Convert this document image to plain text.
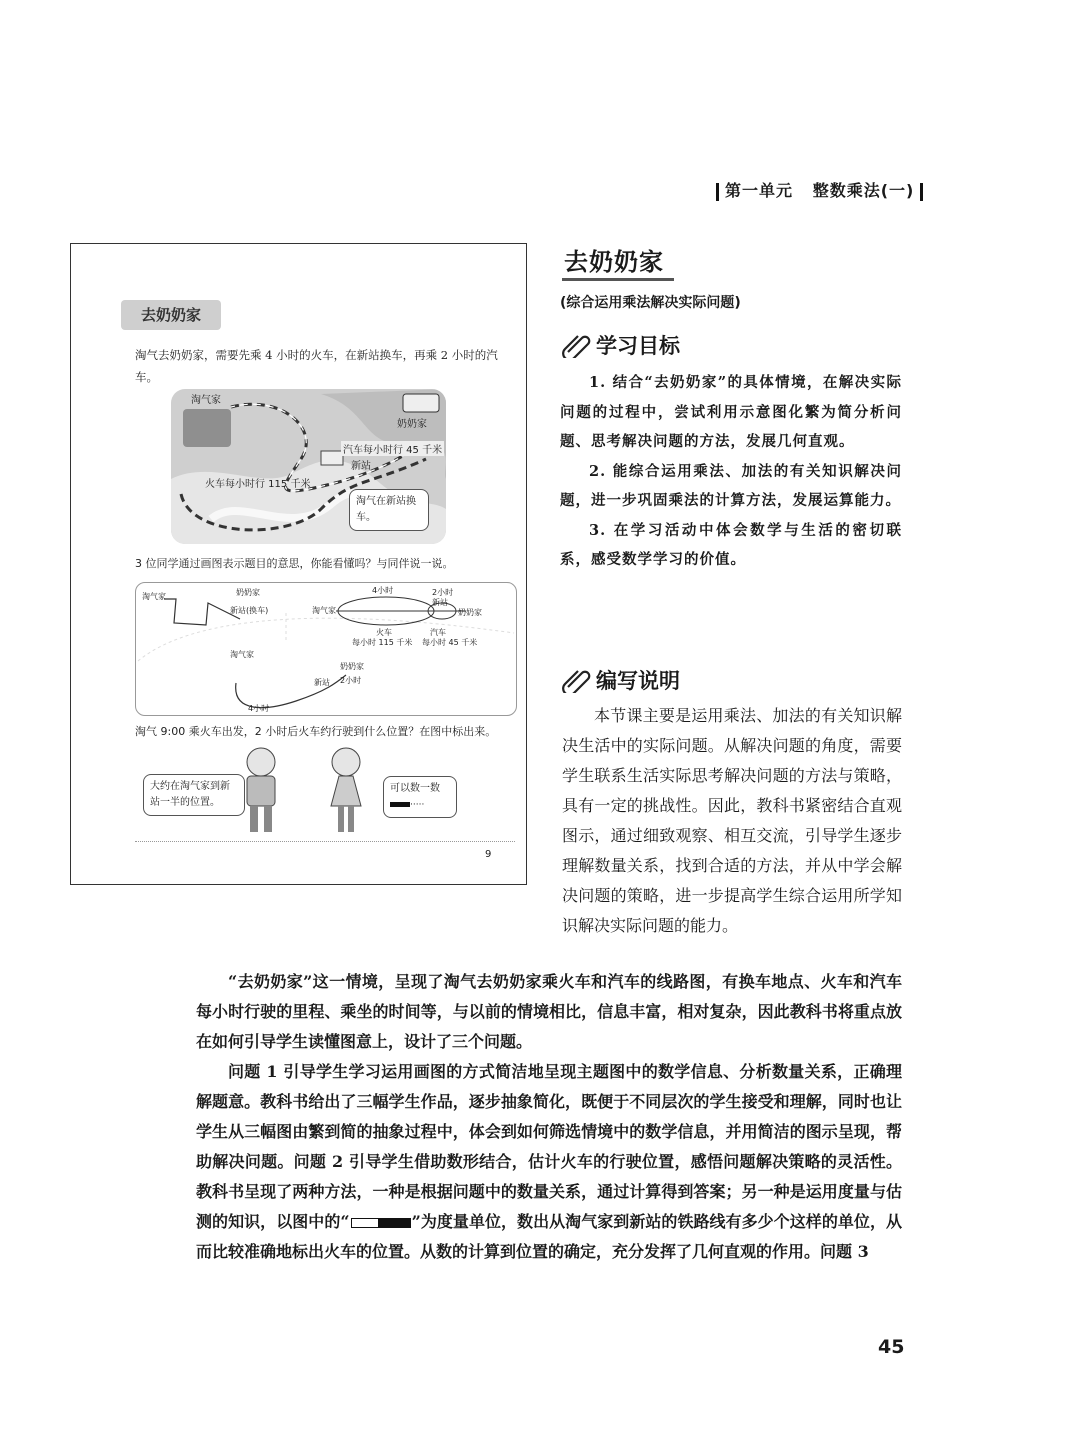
第一单元 整数乘法(一)
去奶奶家
淘气去奶奶家，需要先乘 4 小时的火车，在新站换车，再乘 2 小时的汽车。
淘气家
奶奶家
汽车每小时行 45 千米
新站
火车每小时行 115 千米
淘气在新站换车。
3 位同学通过画图表示题目的意思，你能看懂吗？与同伴说一说。
淘气家	奶奶家
新站(换车)
4小时	2小时
淘气家
新站
奶奶家
火车
每小时 115 千米
汽车
每小时 45 千米
淘气家
奶奶家
新站 2小时
4小时
淘气 9:00 乘火车出发，2 小时后火车约行驶到什么位置？在图中标出来。
大约在淘气家到新站一半的位置。
可以数一数
·····
9
去奶奶家
(综合运用乘法解决实际问题)
学习目标

1. 结合“去奶奶家”的具体情境，在解决实际问题的过程中，尝试利用示意图化繁为简分析问题、思考解决问题的方法，发展几何直观。

2. 能综合运用乘法、加法的有关知识解决问题，进一步巩固乘法的计算方法，发展运算能力。

3. 在学习活动中体会数学与生活的密切联系，感受数学学习的价值。

编写说明

本节课主要是运用乘法、加法的有关知识解决生活中的实际问题。从解决问题的角度，需要学生联系生活实际思考解决问题的方法与策略，具有一定的挑战性。因此，教科书紧密结合直观图示，通过细致观察、相互交流，引导学生逐步理解数量关系，找到合适的方法，并从中学会解决问题的策略，进一步提高学生综合运用所学知识解决实际问题的能力。

“去奶奶家”这一情境，呈现了淘气去奶奶家乘火车和汽车的线路图，有换车地点、火车和汽车每小时行驶的里程、乘坐的时间等，与以前的情境相比，信息丰富，相对复杂，因此教科书将重点放在如何引导学生读懂图意上，设计了三个问题。

问题 1 引导学生学习运用画图的方式简洁地呈现主题图中的数学信息、分析数量关系，正确理解题意。教科书给出了三幅学生作品，逐步抽象简化，既便于不同层次的学生接受和理解，同时也让学生从三幅图由繁到简的抽象过程中，体会到如何筛选情境中的数学信息，并用简洁的图示呈现，帮助解决问题。问题 2 引导学生借助数形结合，估计火车的行驶位置，感悟问题解决策略的灵活性。教科书呈现了两种方法，一种是根据问题中的数量关系，通过计算得到答案；另一种是运用度量与估测的知识，以图中的“	”为度量单位，数出从淘气家到新站的铁路线有多少个这样的单位，从而比较准确地标出火车的位置。从数的计算到位置的确定，充分发挥了几何直观的作用。问题 3

45
